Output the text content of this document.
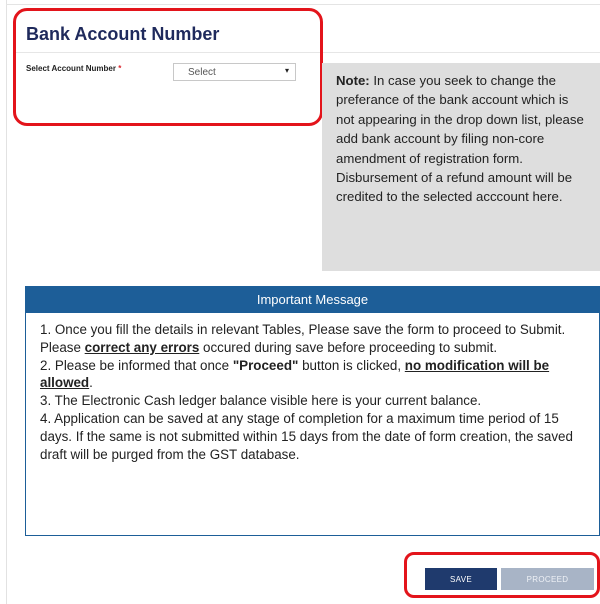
Bank Account Number
Select Account Number *	Select	▾
Note: In case you seek to change the preferance of the bank account which is not appearing in the drop down list, please add bank account by filing non-core amendment of registration form. Disbursement of a refund amount will be credited to the selected acccount here.
Important Message

1. Once you fill the details in relevant Tables, Please save the form to proceed to Submit. Please correct any errors occured during save before proceeding to submit.

2. Please be informed that once "Proceed" button is clicked, no modification will be allowed.

3. The Electronic Cash ledger balance visible here is your current balance.

4. Application can be saved at any stage of completion for a maximum time period of 15 days. If the same is not submitted within 15 days from the date of form creation, the saved draft will be purged from the GST database.

SAVE	PROCEED
